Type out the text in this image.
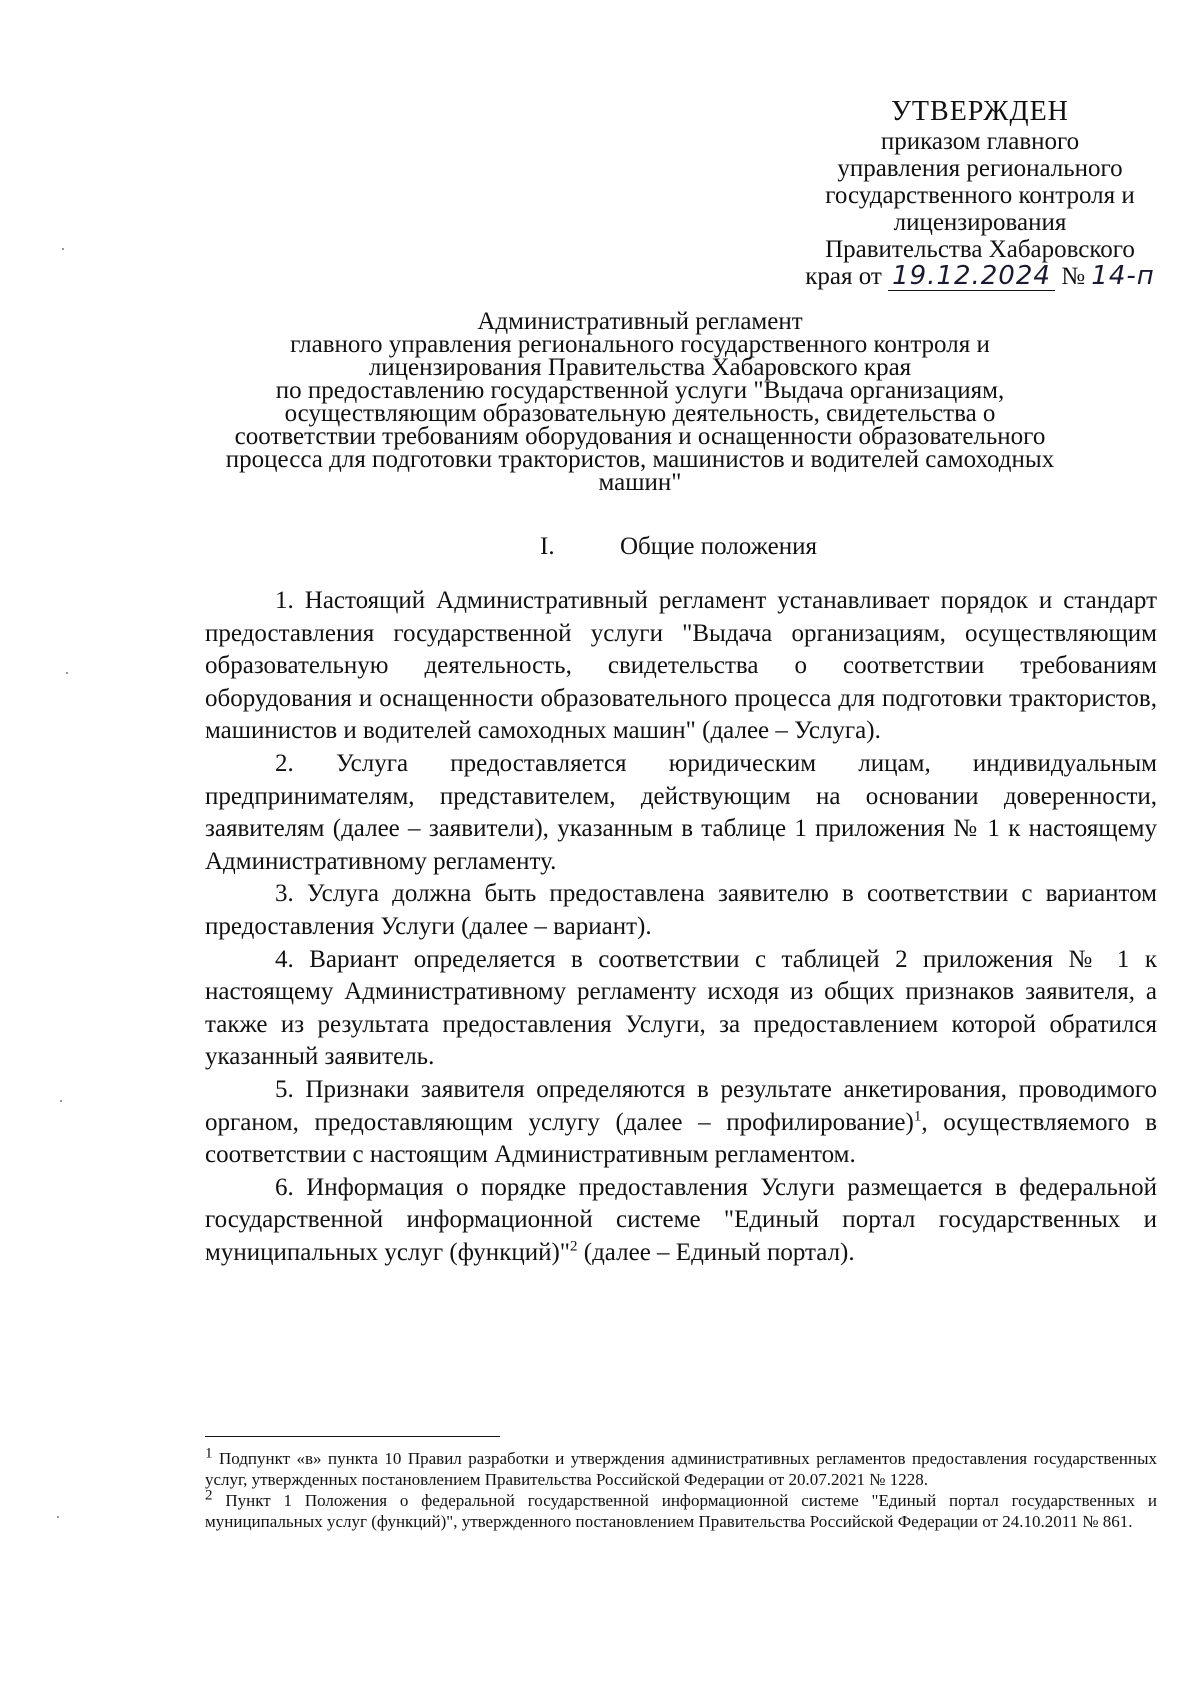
УТВЕРЖДЕН
приказом главного
управления регионального
государственного контроля и
лицензирования
Правительства Хабаровского
края от 19.12.2024 № 14-п
Административный регламент
главного управления регионального государственного контроля и
лицензирования Правительства Хабаровского края
по предоставлению государственной услуги "Выдача организациям,
осуществляющим образовательную деятельность, свидетельства о
соответствии требованиям оборудования и оснащенности образовательного
процесса для подготовки трактористов, машинистов и водителей самоходных
машин"
I.	Общие положения

1. Настоящий Административный регламент устанавливает порядок и стандарт предоставления государственной услуги "Выдача организациям, осуществляющим образовательную деятельность, свидетельства о соответствии требованиям оборудования и оснащенности образовательного процесса для подготовки трактористов, машинистов и водителей самоходных машин" (далее – Услуга).

2. Услуга предоставляется юридическим лицам, индивидуальным предпринимателям, представителем, действующим на основании доверенности, заявителям (далее – заявители), указанным в таблице 1 приложения № 1 к настоящему Административному регламенту.

3. Услуга должна быть предоставлена заявителю в соответствии с вариантом предоставления Услуги (далее – вариант).

4. Вариант определяется в соответствии с таблицей 2 приложения № 1 к настоящему Административному регламенту исходя из общих признаков заявителя, а также из результата предоставления Услуги, за предоставлением которой обратился указанный заявитель.

5. Признаки заявителя определяются в результате анкетирования, проводимого органом, предоставляющим услугу (далее – профилирование)$^1$, осуществляемого в соответствии с настоящим Административным регламентом.

6. Информация о порядке предоставления Услуги размещается в федеральной государственной информационной системе "Единый портал государственных и муниципальных услуг (функций)"$^2$ (далее – Единый портал).

$^1$ Подпункт «в» пункта 10 Правил разработки и утверждения административных регламентов предоставления государственных услуг, утвержденных постановлением Правительства Российской Федерации от 20.07.2021 № 1228.

$^2$ Пункт 1 Положения о федеральной государственной информационной системе "Единый портал государственных и муниципальных услуг (функций)", утвержденного постановлением Правительства Российской Федерации от 24.10.2011 № 861.
